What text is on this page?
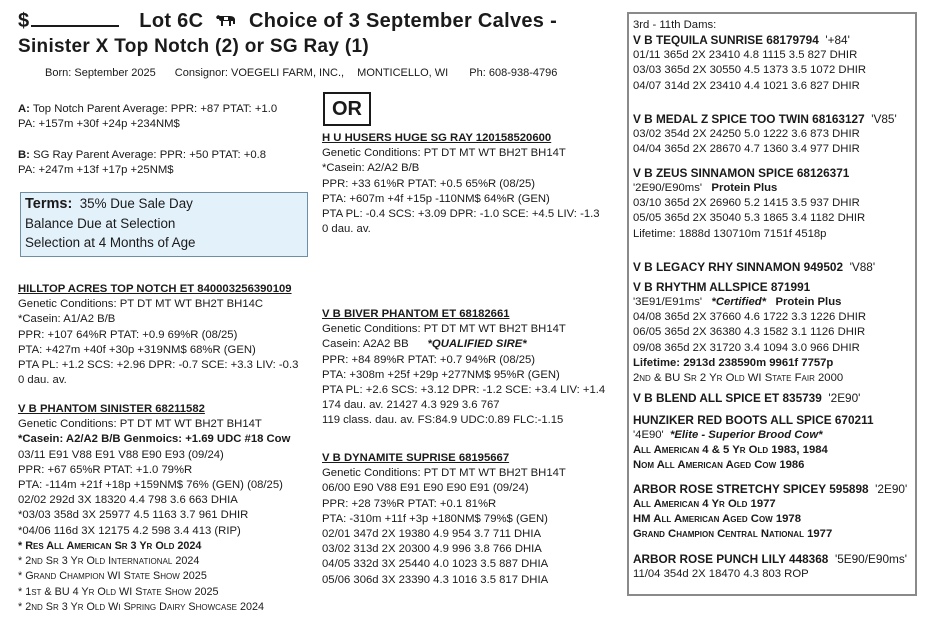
$	Lot 6C Choice of 3 September Calves -
Sinister X Top Notch (2) or SG Ray (1)
Born: September 2025 Consignor: VOEGELI FARM, INC., MONTICELLO, WI Ph: 608-938-4796
A: Top Notch Parent Average: PPR: +87 PTAT: +1.0
PA: +157m +30f +24p +234NM$
B: SG Ray Parent Average: PPR: +50 PTAT: +0.8
PA: +247m +13f +17p +25NM$
Terms: 35% Due Sale Day
Balance Due at Selection
Selection at 4 Months of Age
OR
HILLTOP ACRES TOP NOTCH ET 840003256390109
Genetic Conditions: PT DT MT WT BH2T BH14C
*Casein: A1/A2 B/B
PPR: +107 64%R PTAT: +0.9 69%R (08/25)
PTA: +427m +40f +30p +319NM$ 68%R (GEN)
PTA PL: +1.2 SCS: +2.96 DPR: -0.7 SCE: +3.3 LIV: -0.3
0 dau. av.
V B PHANTOM SINISTER 68211582
Genetic Conditions: PT DT MT WT BH2T BH14T
*Casein: A2/A2 B/B Genmoics: +1.69 UDC #18 Cow
03/11 E91 V88 E91 V88 E90 E93 (09/24)
PPR: +67 65%R PTAT: +1.0 79%R
PTA: -114m +21f +18p +159NM$ 76% (GEN) (08/25)
02/02 292d 3X 18320 4.4 798 3.6 663 DHIA
*03/03 358d 3X 25977 4.5 1163 3.7 961 DHIR
*04/06 116d 3X 12175 4.2 598 3.4 413 (RIP)
* Res All American Sr 3 Yr Old 2024
* 2nd Sr 3 Yr Old International 2024
* Grand Champion WI State Show 2025
* 1st & BU 4 Yr Old WI State Show 2025
* 2nd Sr 3 Yr Old Wi Spring Dairy Showcase 2024
H U HUSERS HUGE SG RAY 120158520600
Genetic Conditions: PT DT MT WT BH2T BH14T
*Casein: A2/A2 B/B
PPR: +33 61%R PTAT: +0.5 65%R (08/25)
PTA: +607m +4f +15p -110NM$ 64%R (GEN)
PTA PL: -0.4 SCS: +3.09 DPR: -1.0 SCE: +4.5 LIV: -1.3
0 dau. av.
V B BIVER PHANTOM ET 68182661
Genetic Conditions: PT DT MT WT BH2T BH14T
Casein: A2A2 BB *QUALIFIED SIRE*
PPR: +84 89%R PTAT: +0.7 94%R (08/25)
PTA: +308m +25f +29p +277NM$ 95%R (GEN)
PTA PL: +2.6 SCS: +3.12 DPR: -1.2 SCE: +3.4 LIV: +1.4
174 dau. av. 21427 4.3 929 3.6 767
119 class. dau. av. FS:84.9 UDC:0.89 FLC:-1.15
V B DYNAMITE SUPRISE 68195667
Genetic Conditions: PT DT MT WT BH2T BH14T
06/00 E90 V88 E91 E90 E90 E91 (09/24)
PPR: +28 73%R PTAT: +0.1 81%R
PTA: -310m +11f +3p +180NM$ 79%$ (GEN)
02/01 347d 2X 19380 4.9 954 3.7 711 DHIA
03/02 313d 2X 20300 4.9 996 3.8 766 DHIA
04/05 332d 3X 25440 4.0 1023 3.5 887 DHIA
05/06 306d 3X 23390 4.3 1016 3.5 817 DHIA
3rd - 11th Dams:
V B TEQUILA SUNRISE 68179794 '+84'
01/11 365d 2X 23410 4.8 1115 3.5 827 DHIR
03/03 365d 2X 30550 4.5 1373 3.5 1072 DHIR
04/07 314d 2X 23410 4.4 1021 3.6 827 DHIR
V B MEDAL Z SPICE TOO TWIN 68163127 'V85'
03/02 354d 2X 24250 5.0 1222 3.6 873 DHIR
04/04 365d 2X 28670 4.7 1360 3.4 977 DHIR
V B ZEUS SINNAMON SPICE 68126371
'2E90/E90ms' Protein Plus
03/10 365d 2X 26960 5.2 1415 3.5 937 DHIR
05/05 365d 2X 35040 5.3 1865 3.4 1182 DHIR
Lifetime: 1888d 130710m 7151f 4518p
V B LEGACY RHY SINNAMON 949502 'V88'
V B RHYTHM ALLSPICE 871991
'3E91/E91ms' *Certified* Protein Plus
04/08 365d 2X 37660 4.6 1722 3.3 1226 DHIR
06/05 365d 2X 36380 4.3 1582 3.1 1126 DHIR
09/08 365d 2X 31720 3.4 1094 3.0 966 DHIR
Lifetime: 2913d 238590m 9961f 7757p
2nd & BU Sr 2 Yr Old WI State Fair 2000
V B BLEND ALL SPICE ET 835739 '2E90'
HUNZIKER RED BOOTS ALL SPICE 670211
'4E90' *Elite - Superior Brood Cow*
All American 4 & 5 Yr Old 1983, 1984
Nom All American Aged Cow 1986
ARBOR ROSE STRETCHY SPICEY 595898 '2E90'
All American 4 Yr Old 1977
HM All American Aged Cow 1978
Grand Champion Central National 1977
ARBOR ROSE PUNCH LILY 448368 '5E90/E90ms'
11/04 354d 2X 18470 4.3 803 ROP
